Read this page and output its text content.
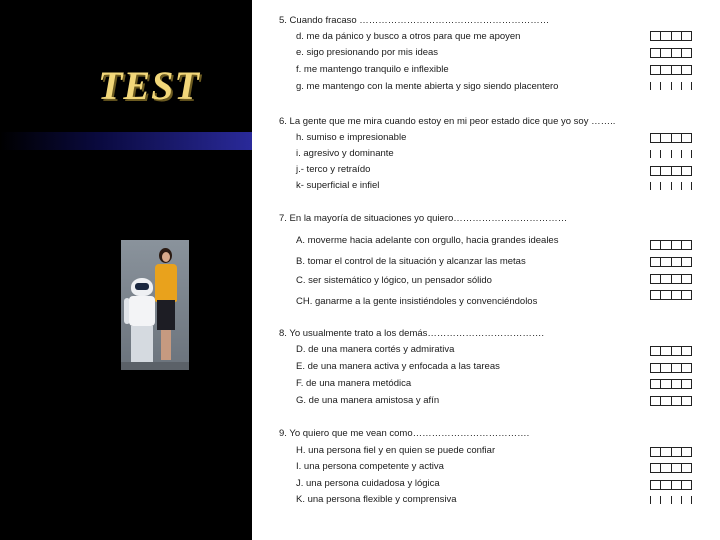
TEST
5. Cuando fracaso ……………………………………………………
d. me da pánico y busco a otros para que me apoyen
e. sigo presionando por mis ideas
f. me mantengo tranquilo e inflexible
g. me mantengo con la mente abierta y sigo siendo placentero
6. La gente que me mira cuando estoy en mi peor estado dice que yo soy ……..
h. sumiso e impresionable
i. agresivo y dominante
j.- terco y retraído
k- superficial e infiel
7. En la mayoría de situaciones yo quiero………………………………
A. moverme hacia adelante con orgullo, hacia grandes ideales
B. tomar el control de la situación y alcanzar las metas
C. ser sistemático y lógico, un pensador sólido
CH. ganarme a la gente insistiéndoles y convenciéndolos
8. Yo usualmente trato a los demás……………………………….
D. de una manera cortés y admirativa
E. de una manera activa y enfocada a las tareas
F. de una manera metódica
G. de una manera amistosa y afín
9. Yo quiero que me vean como……………………………….
H. una persona fiel y en quien se puede confiar
I. una persona competente y activa
J. una persona cuidadosa y lógica
K. una persona flexible y comprensiva
